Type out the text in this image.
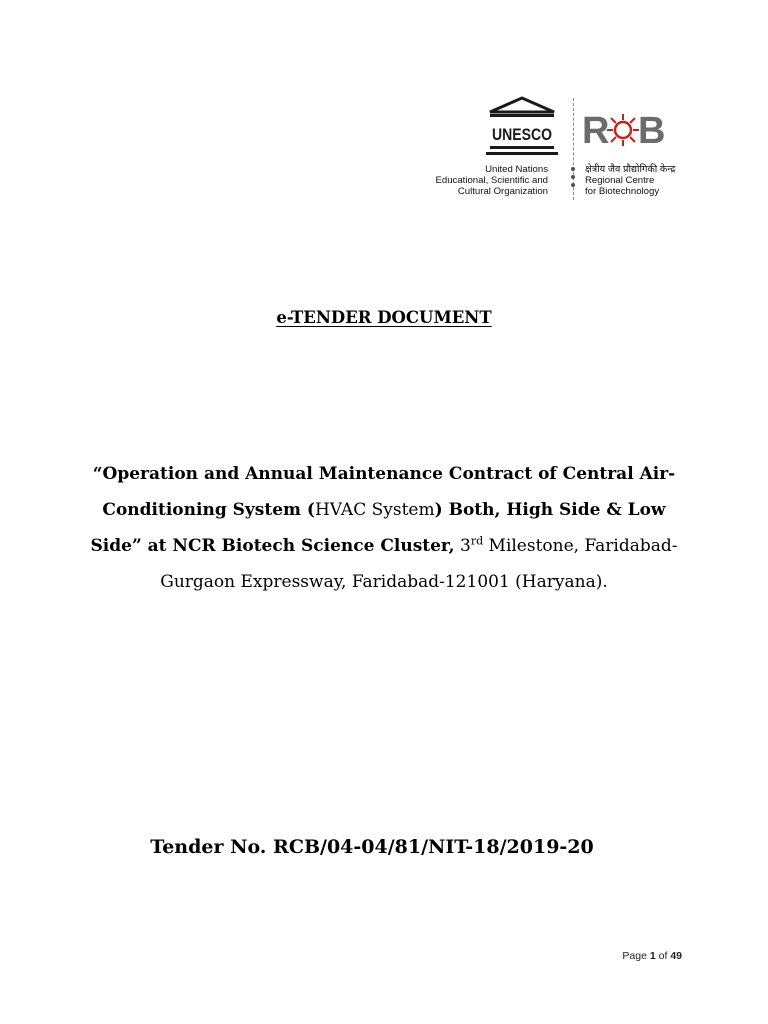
UNESCO
United Nations
Educational, Scientific and
Cultural Organization
R B
क्षेत्रीय जैव प्रौद्योगिकी केन्द्र
Regional Centre
for Biotechnology
e-TENDER DOCUMENT
“Operation and Annual Maintenance Contract of Central Air-Conditioning System (HVAC System) Both, High Side & Low Side” at NCR Biotech Science Cluster, 3rd Milestone, Faridabad-Gurgaon Expressway, Faridabad-121001 (Haryana).
Tender No. RCB/04-04/81/NIT-18/2019-20
Page 1 of 49
